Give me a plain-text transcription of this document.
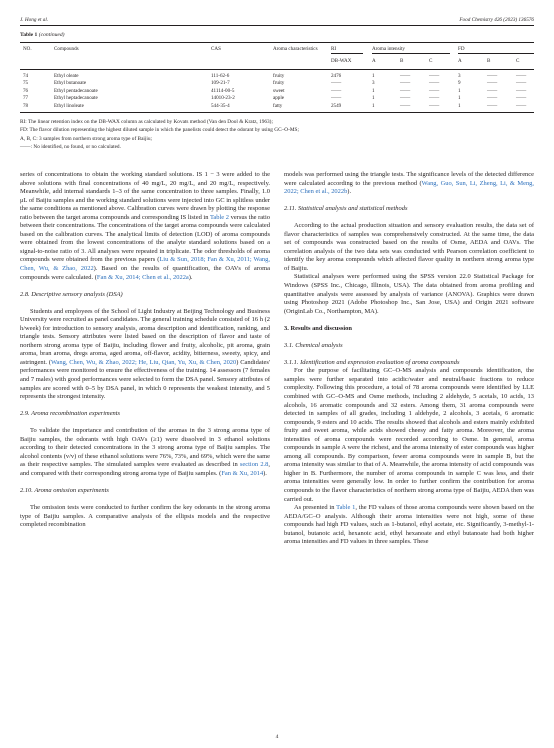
J. Hong et al.	Food Chemistry 426 (2023) 136576
Table 1 (continued)
NO.	Compounds	CAS	Aroma characteristics	RI	Aroma intensity	FD
DB-WAX	A	B	C	A	B	C
74	Ethyl oleate	111-62-6	fruity	2476	1	——	——	3	——	——
75	Ethyl butanoate	109-21-7	fruity	——	3	——	——	9	——	——
76	Ethyl pentadecanoate	41114-00-5	sweet	——	1	——	——	1	——	——
77	Ethyl heptadecanoate	14010-23-2	apple	——	1	——	——	1	——	——
78	Ethyl linoleate	544-35-4	fatty	2549	1	——	——	1	——	——
RI: The linear retention index on the DB-WAX column as calculated by Kovats method (Van den Dool & Kratz, 1963);
FD: The flavor dilution representing the highest diluted sample in which the panelists could detect the odorant by using GC–O-MS;
A, B, C: 3 samples from northern strong aroma type of Baijiu;
——: No identified, no found, or no calculated.

series of concentrations to obtain the working standard solutions. IS 1 − 3 were added to the above solutions with final concentrations of 40 mg/L, 20 mg/L, and 20 mg/L, respectively. Meanwhile, add internal standards 1–3 of the same concentration to three samples. Finally, 1.0 μL of Baijiu samples and the working standard solutions were injected into GC in splitless under the same conditions as mentioned above. Calibration curves were drawn by plotting the response ratio between the target aroma compounds and corresponding IS listed in Table 2 versus the ratio between their concentrations. The concentrations of the target aroma compounds were calculated based on the calibration curves. The analytical limits of detection (LOD) of aroma compounds were obtained from the lowest concentrations of the analyte standard solutions based on a signal-to-noise ratio of 3. All analyses were repeated in triplicate. The odor thresholds of aroma compounds were obtained from the previous papers (Liu & Sun, 2018; Fan & Xu, 2011; Wang, Chen, Wu, & Zhao, 2022). Based on the results of quantification, the OAVs of aroma compounds were calculated. (Fan & Xu, 2014; Chen et al., 2022a).

2.8. Descriptive sensory analysis (DSA)

Students and employees of the School of Light Industry at Beijing Technology and Business University were recruited as panel candidates. The general training schedule consisted of 16 h (2 h/week) for introduction to sensory analysis, aroma description and identification, ranking, and triangle tests. Sensory attributes were listed based on the description of flavor and taste of northern strong aroma type of Baijiu, including flower and fruity, alcoholic, pit aroma, grain aroma, bran aroma, dregs aroma, aged aroma, off-flavor, acidity, bitterness, sweety, spicy, and astringent. (Wang, Chen, Wu, & Zhao, 2022; He, Liu, Qian, Yu, Xu, & Chen, 2020) Candidates' performances were monitored to ensure the effectiveness of the training. 14 assessors (7 females and 7 males) with good performances were selected to form the DSA panel. Sensory attributes of samples are scored with 0–5 by DSA panel, in which 0 represents the weakest intensity, and 5 represents the strongest intensity.

2.9. Aroma recombination experiments

To validate the importance and contribution of the aromas in the 3 strong aroma type of Baijiu samples, the odorants with high OAVs (≥1) were dissolved in 3 ethanol solutions according to their detected concentrations in the 3 strong aroma type of Baijiu samples. The alcohol contents (v/v) of these ethanol solutions were 76%, 73%, and 69%, which were the same as their respective samples. The simulated samples were evaluated as described in section 2.8, and compared with their corresponding strong aroma type of Baijiu samples. (Fan & Xu, 2014).

2.10. Aroma omission experiments

The omission tests were conducted to further confirm the key odorants in the strong aroma type of Baijiu samples. A comparative analysis of the ellipsis models and the respective completed recombination

models was performed using the triangle tests. The significance levels of the detected difference were calculated according to the previous method (Wang, Guo, Sun, Li, Zheng, Li, & Meng, 2022; Chen et al., 2022b).

2.11. Statistical analysis and statistical methods

According to the actual production situation and sensory evaluation results, the data set of flavor characteristics of samples was comprehensively constructed. At the same time, the data set of compounds was constructed based on the results of Osme, AEDA and OAVs. The correlation analysis of the two data sets was conducted with Pearson correlation coefficient to identify the key aroma compounds which affected flavor quality in northern strong aroma type of Baijiu.

Statistical analyses were performed using the SPSS version 22.0 Statistical Package for Windows (SPSS Inc., Chicago, Illinois, USA). The data obtained from aroma profiling and quantitative analysis were assessed by analysis of variance (ANOVA). Graphics were drawn using Photoshop 2021 (Adobe Photoshop Inc., San Jose, USA) and Origin 2021 software (OriginLab Co., Northampton, MA).

3. Results and discussion
3.1. Chemical analysis
3.1.1. Identification and expression evaluation of aroma compounds

For the purpose of facilitating GC–O-MS analysis and compounds identification, the samples were further separated into acidic/water and neutral/basic fractions to reduce complexity. Following this procedure, a total of 78 aroma compounds were identified by LLE combined with GC–O-MS and Osme methods, including 2 aldehyde, 5 acetals, 10 acids, 13 alcohols, 16 aromatic compounds and 32 esters. Among them, 31 aroma compounds were detected in samples of all grades, including 1 aldehyde, 2 alcohols, 3 acetals, 6 aromatic compounds, 9 esters and 10 acids. The results showed that alcohols and esters mainly exhibited fruity and sweet aroma, while acids showed cheesy and fatty aroma. Moreover, the aroma intensities of aroma compounds were recorded according to Osme. In general, aroma compounds in sample A were the richest, and the aroma intensity of ester compounds was higher among all compounds. By comparison, fewer aroma compounds were in sample B, but the aroma intensity was similar to that of A. Meanwhile, the aroma intensity of acid compounds was higher in B. Furthermore, the number of aroma compounds in sample C was less, and their aroma intensities were generally low. In order to further confirm the contribution for aroma compounds to the flavor characteristics of northern strong aroma type of Baijiu, AEDA then was carried out.

As presented in Table 1, the FD values of those aroma compounds were shown based on the AEDA/GC–O analysis. Although their aroma intensities were not high, some of these compounds had high FD values, such as 1-butanol, ethyl acetate, etc. Significantly, 3-methyl-1-butanol, butanoic acid, hexanoic acid, ethyl hexanoate and ethyl butanoate had both higher aroma intensities and FD values in three samples. These

4
